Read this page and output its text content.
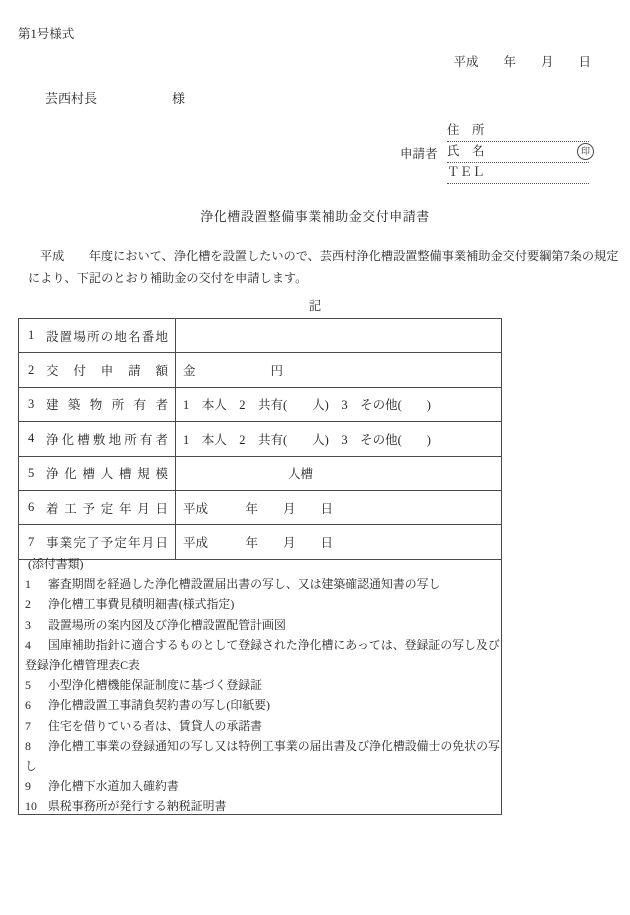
第1号様式
平成　　年　　月　　日
芸西村長	様
申請者
住　所
氏　名	印
ＴＥＬ
浄化槽設置整備事業補助金交付申請書
平成　　年度において、浄化槽を設置したいので、芸西村浄化槽設置整備事業補助金交付要綱第7条の規定により、下記のとおり補助金の交付を申請します。
記
1 設置場所の地名番地	

2 交付申請額	金　　　　　　円

3 建築物所有者	1　本人　2　共有(　　人)　3　その他(　　)

4 浄化槽敷地所有者	1　本人　2　共有(　　人)　3　その他(　　)

5 浄化槽人槽規模	人槽

6 着工予定年月日	平成　　　年　　月　　日

7 事業完了予定年月日	平成　　　年　　月　　日
(添付書類)
1 審査期間を経過した浄化槽設置届出書の写し、又は建築確認通知書の写し
2 浄化槽工事費見積明細書(様式指定)
3 設置場所の案内図及び浄化槽設置配管計画図
4 国庫補助指針に適合するものとして登録された浄化槽にあっては、登録証の写し及び登録浄化槽管理表C表
5 小型浄化槽機能保証制度に基づく登録証
6 浄化槽設置工事請負契約書の写し(印紙要)
7 住宅を借りている者は、賃貸人の承諾書
8 浄化槽工事業の登録通知の写し又は特例工事業の届出書及び浄化槽設備士の免状の写し
9 浄化槽下水道加入確約書
10 県税事務所が発行する納税証明書
